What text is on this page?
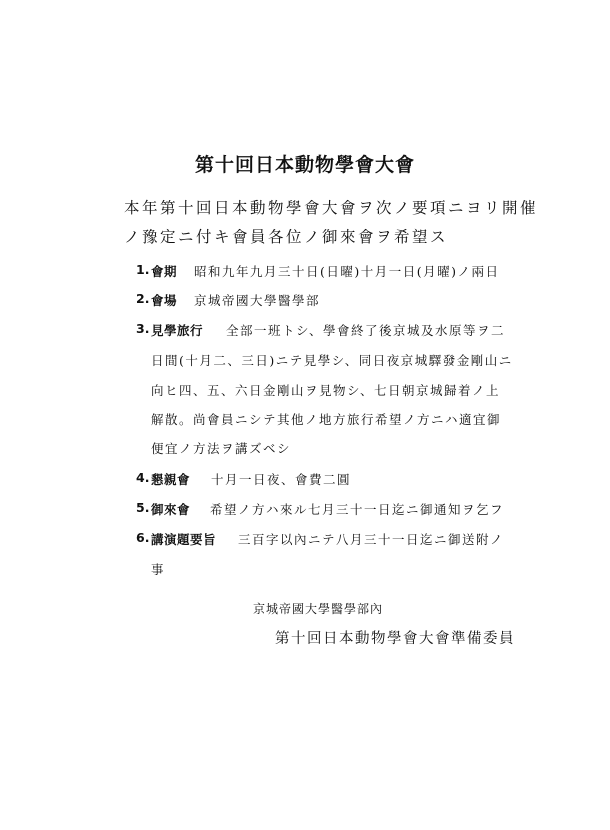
第十回日本動物學會大會
本年第十回日本動物學會大會ヲ次ノ要項ニヨリ開催
ノ豫定ニ付キ會員各位ノ御來會ヲ希望ス
1. 會期 昭和九年九月三十日(日曜)十月一日(月曜)ノ兩日
2. 會場 京城帝國大學醫學部
3. 見學旅行 全部一班トシ、學會終了後京城及水原等ヲ二
日間(十月二、三日)ニテ見學シ、同日夜京城驛發金剛山ニ
向ヒ四、五、六日金剛山ヲ見物シ、七日朝京城歸着ノ上
解散。尚會員ニシテ其他ノ地方旅行希望ノ方ニハ適宜御
便宜ノ方法ヲ講ズベシ
4. 懇親會 十月一日夜、會費二圓
5. 御來會 希望ノ方ハ來ル七月三十一日迄ニ御通知ヲ乞フ
6. 講演題要旨 三百字以內ニテ八月三十一日迄ニ御送附ノ
事
京城帝國大學醫學部內
第十回日本動物學會大會準備委員
